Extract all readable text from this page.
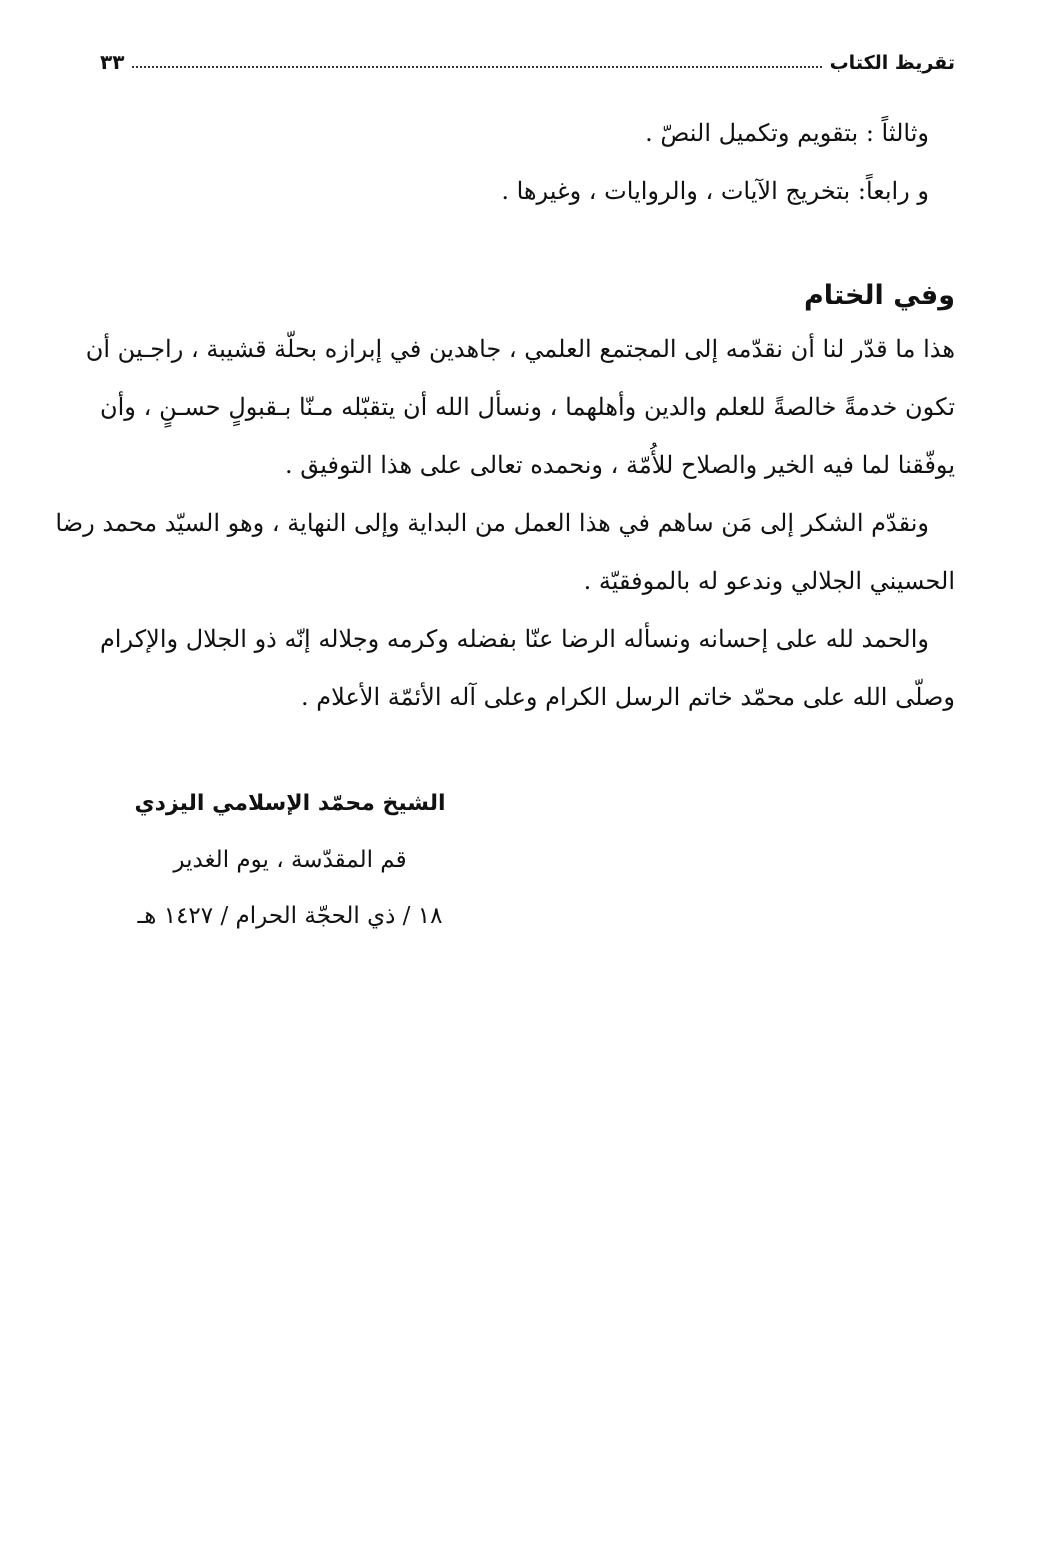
تقريظ الكتاب
٣٣
وثالثاً : بتقويم وتكميل النصّ .
و رابعاً: بتخريج الآيات ، والروايات ، وغيرها .
وفي الختام
هذا ما قدّر لنا أن نقدّمه إلى المجتمع العلمي ، جاهدين في إبرازه بحلّة قشيبة ، راجـين أن
تكون خدمةً خالصةً للعلم والدين وأهلهما ، ونسأل الله أن يتقبّله مـنّا بـقبولٍ حسـنٍ ، وأن
يوفّقنا لما فيه الخير والصلاح للأُمّة ، ونحمده تعالى على هذا التوفيق .
ونقدّم الشكر إلى مَن ساهم في هذا العمل من البداية وإلى النهاية ، وهو السيّد محمد رضا
الحسيني الجلالي وندعو له بالموفقيّة .
والحمد لله على إحسانه ونسأله الرضا عنّا بفضله وكرمه وجلاله إنّه ذو الجلال والإكرام
وصلّى الله على محمّد خاتم الرسل الكرام وعلى آله الأئمّة الأعلام .
الشيخ محمّد الإسلامي اليزدي
قم المقدّسة ، يوم الغدير
١٨ / ذي الحجّة الحرام / ١٤٢٧ هـ
